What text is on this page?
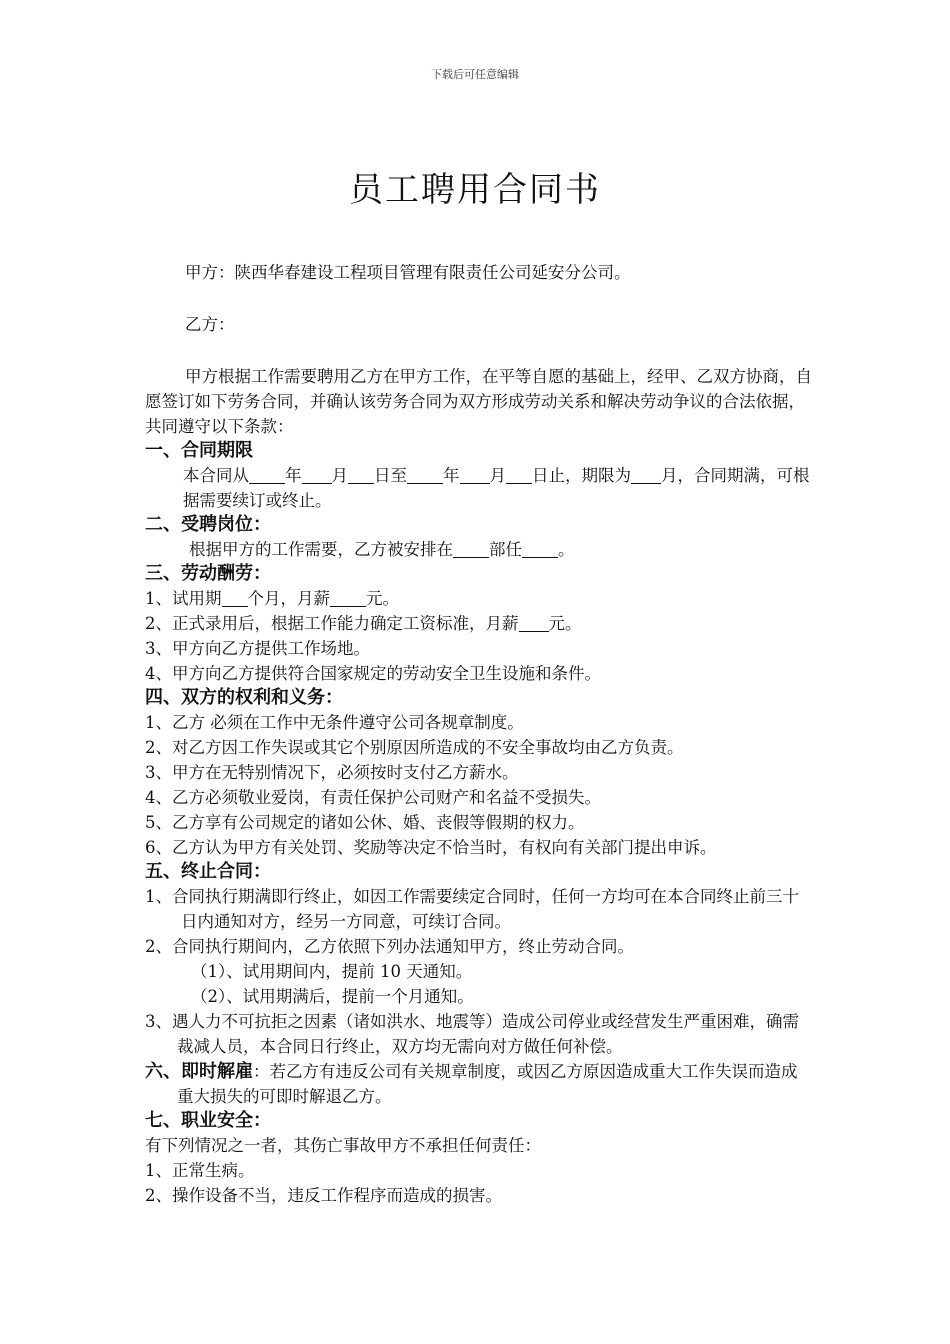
下载后可任意编辑
员工聘用合同书

甲方：陕西华春建设工程项目管理有限责任公司延安分公司。

乙方：

甲方根据工作需要聘用乙方在甲方工作，在平等自愿的基础上，经甲、乙双方协商，自愿签订如下劳务合同，并确认该劳务合同为双方形成劳动关系和解决劳动争议的合法依据，共同遵守以下条款：

一、合同期限

本合同从 年 月 日至 年 月 日止，期限为 月，合同期满，可根据需要续订或终止。

二、受聘岗位：

根据甲方的工作需要，乙方被安排在 部任 。

三、劳动酬劳：

1、试用期 个月，月薪 元。

2、正式录用后，根据工作能力确定工资标准，月薪 元。

3、甲方向乙方提供工作场地。

4、甲方向乙方提供符合国家规定的劳动安全卫生设施和条件。

四、双方的权利和义务：

1、乙方 必须在工作中无条件遵守公司各规章制度。

2、对乙方因工作失误或其它个别原因所造成的不安全事故均由乙方负责。

3、甲方在无特别情况下，必须按时支付乙方薪水。

4、乙方必须敬业爱岗，有责任保护公司财产和名益不受损失。

5、乙方享有公司规定的诸如公休、婚、丧假等假期的权力。

6、乙方认为甲方有关处罚、奖励等决定不恰当时，有权向有关部门提出申诉。

五、终止合同：

1、合同执行期满即行终止，如因工作需要续定合同时，任何一方均可在本合同终止前三十日内通知对方，经另一方同意，可续订合同。

2、合同执行期间内，乙方依照下列办法通知甲方，终止劳动合同。

（1）、试用期间内，提前 10 天通知。

（2）、试用期满后，提前一个月通知。

3、遇人力不可抗拒之因素（诸如洪水、地震等）造成公司停业或经营发生严重困难，确需裁减人员，本合同日行终止，双方均无需向对方做任何补偿。

六、即时解雇：若乙方有违反公司有关规章制度，或因乙方原因造成重大工作失误而造成重大损失的可即时解退乙方。

七、职业安全：

有下列情况之一者，其伤亡事故甲方不承担任何责任：

1、正常生病。

2、操作设备不当，违反工作程序而造成的损害。
